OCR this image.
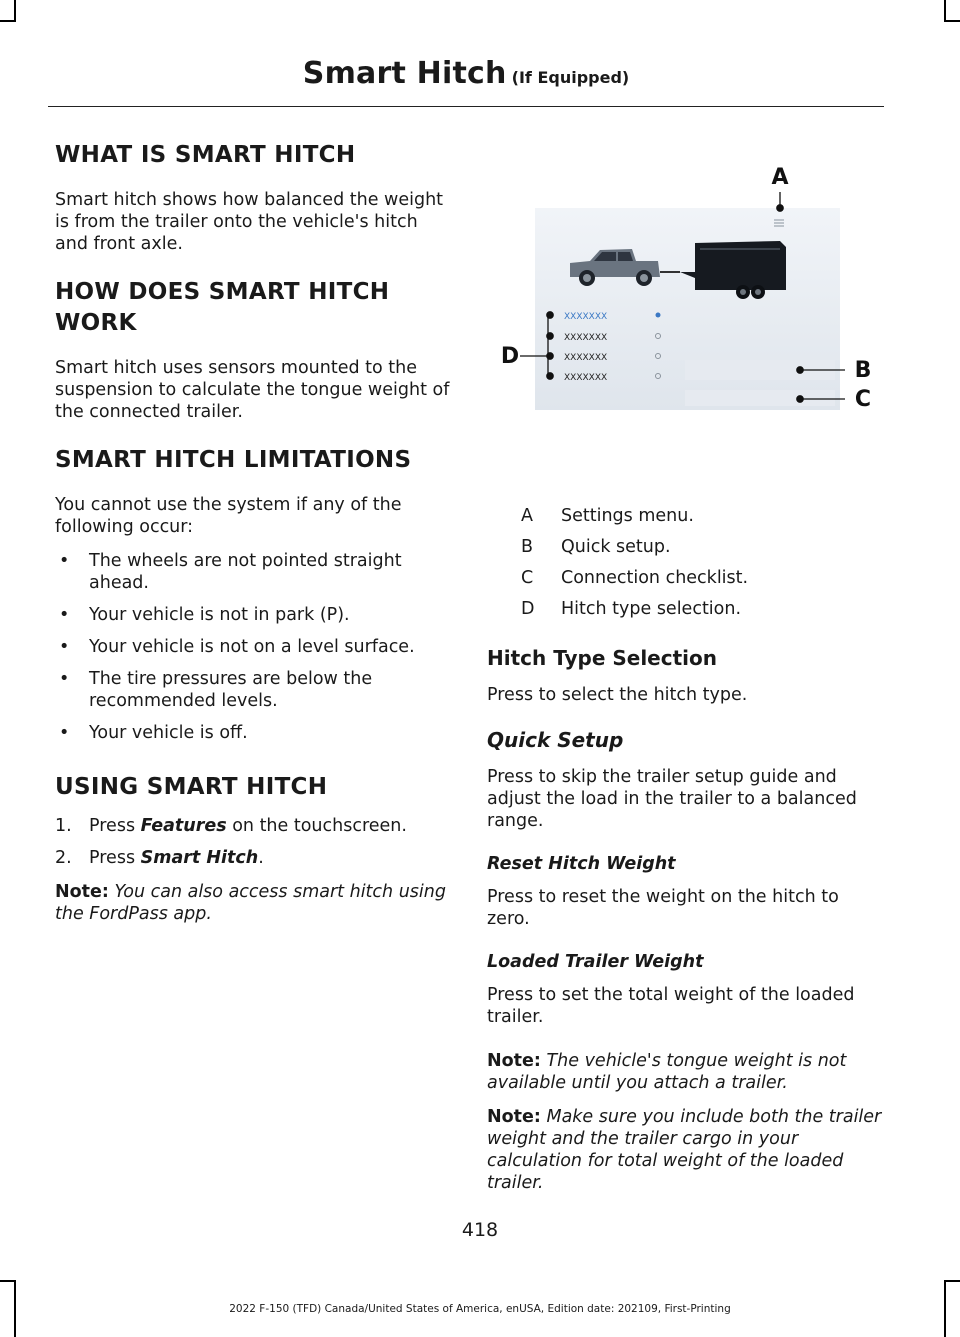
Smart Hitch (If Equipped)
WHAT IS SMART HITCH

Smart hitch shows how balanced the weight is from the trailer onto the vehicle's hitch and front axle.

HOW DOES SMART HITCH
WORK

Smart hitch uses sensors mounted to the suspension to calculate the tongue weight of the connected trailer.

SMART HITCH LIMITATIONS

You cannot use the system if any of the following occur:

• The wheels are not pointed straight ahead.
• Your vehicle is not in park (P).
• Your vehicle is not on a level surface.
• The tire pressures are below the recommended levels.
• Your vehicle is off.
USING SMART HITCH
1. Press Features on the touchscreen.
2. Press Smart Hitch.
Note: You can also access smart hitch using the FordPass app.
A
D
B
C
XXXXXXX
XXXXXXX
XXXXXXX
XXXXXXX
A	Settings menu.
B	Quick setup.
C	Connection checklist.
D	Hitch type selection.
Hitch Type Selection

Press to select the hitch type.

Quick Setup

Press to skip the trailer setup guide and adjust the load in the trailer to a balanced range.

Reset Hitch Weight

Press to reset the weight on the hitch to zero.

Loaded Trailer Weight

Press to set the total weight of the loaded trailer.

Note: The vehicle's tongue weight is not available until you attach a trailer.
Note: Make sure you include both the trailer weight and the trailer cargo in your calculation for total weight of the loaded trailer.
418
2022 F-150 (TFD) Canada/United States of America, enUSA, Edition date: 202109, First-Printing
